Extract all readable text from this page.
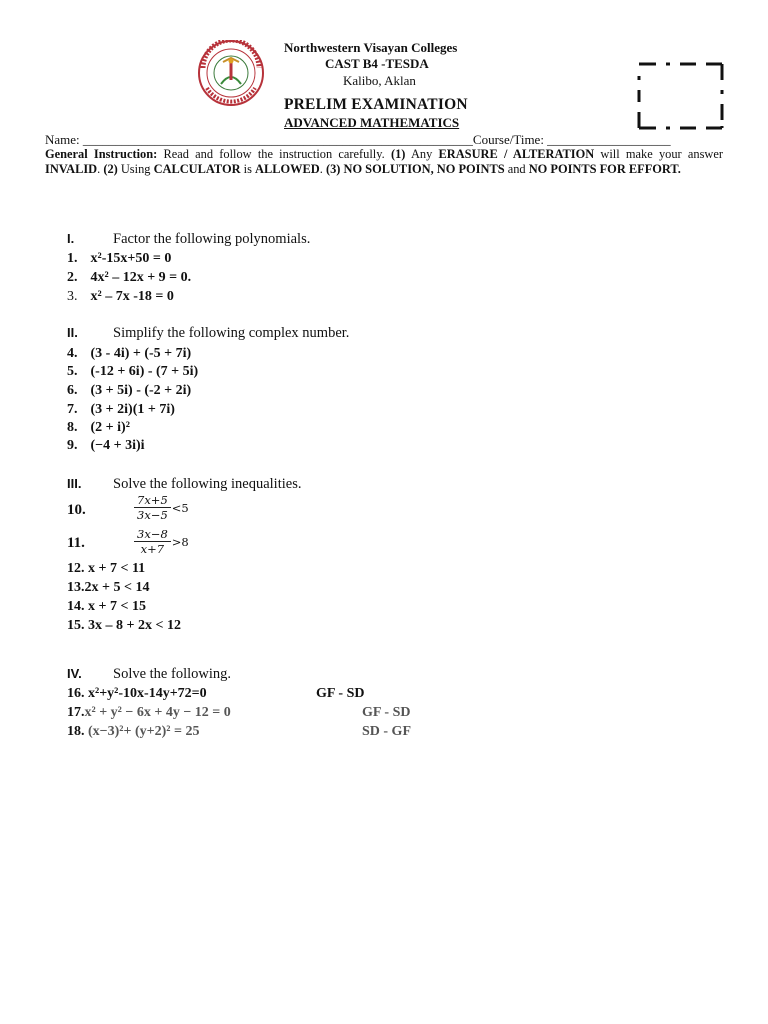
Northwestern Visayan Colleges
CAST B4 -TESDA
Kalibo, Aklan
PRELIM EXAMINATION
ADVANCED MATHEMATICS
Name: ____________________________________________________________Course/Time: ___________________
General Instruction: Read and follow the instruction carefully. (1) Any ERASURE / ALTERATION will make your answer INVALID. (2) Using CALCULATOR is ALLOWED. (3) NO SOLUTION, NO POINTS and NO POINTS FOR EFFORT.
I.	Factor the following polynomials.
1. x²-15x+50 = 0
2. 4x² – 12x + 9 = 0.
3. x² – 7x -18 = 0
II. Simplify the following complex number.
4. (3 - 4i) + (-5 + 7i)
5. (-12 + 6i) - (7 + 5i)
6. (3 + 5i) - (-2 + 2i)
7. (3 + 2i)(1 + 7i)
8. (2 + i)²
9. (−4 + 3i)i
III. Solve the following inequalities.
10.	$\frac{7x+5}{3x-5} <5$
11.	$\frac{3x-8}{x+7} >8$
12. x + 7 < 11
13.2x + 5 < 14
14. x + 7 < 15
15. 3x – 8 + 2x < 12
IV. Solve the following.
16. x²+y²-10x-14y+72=0	GF - SD
17.x² + y² − 6x + 4y − 12 = 0	GF - SD
18. (x−3)²+ (y+2)² = 25	SD - GF
